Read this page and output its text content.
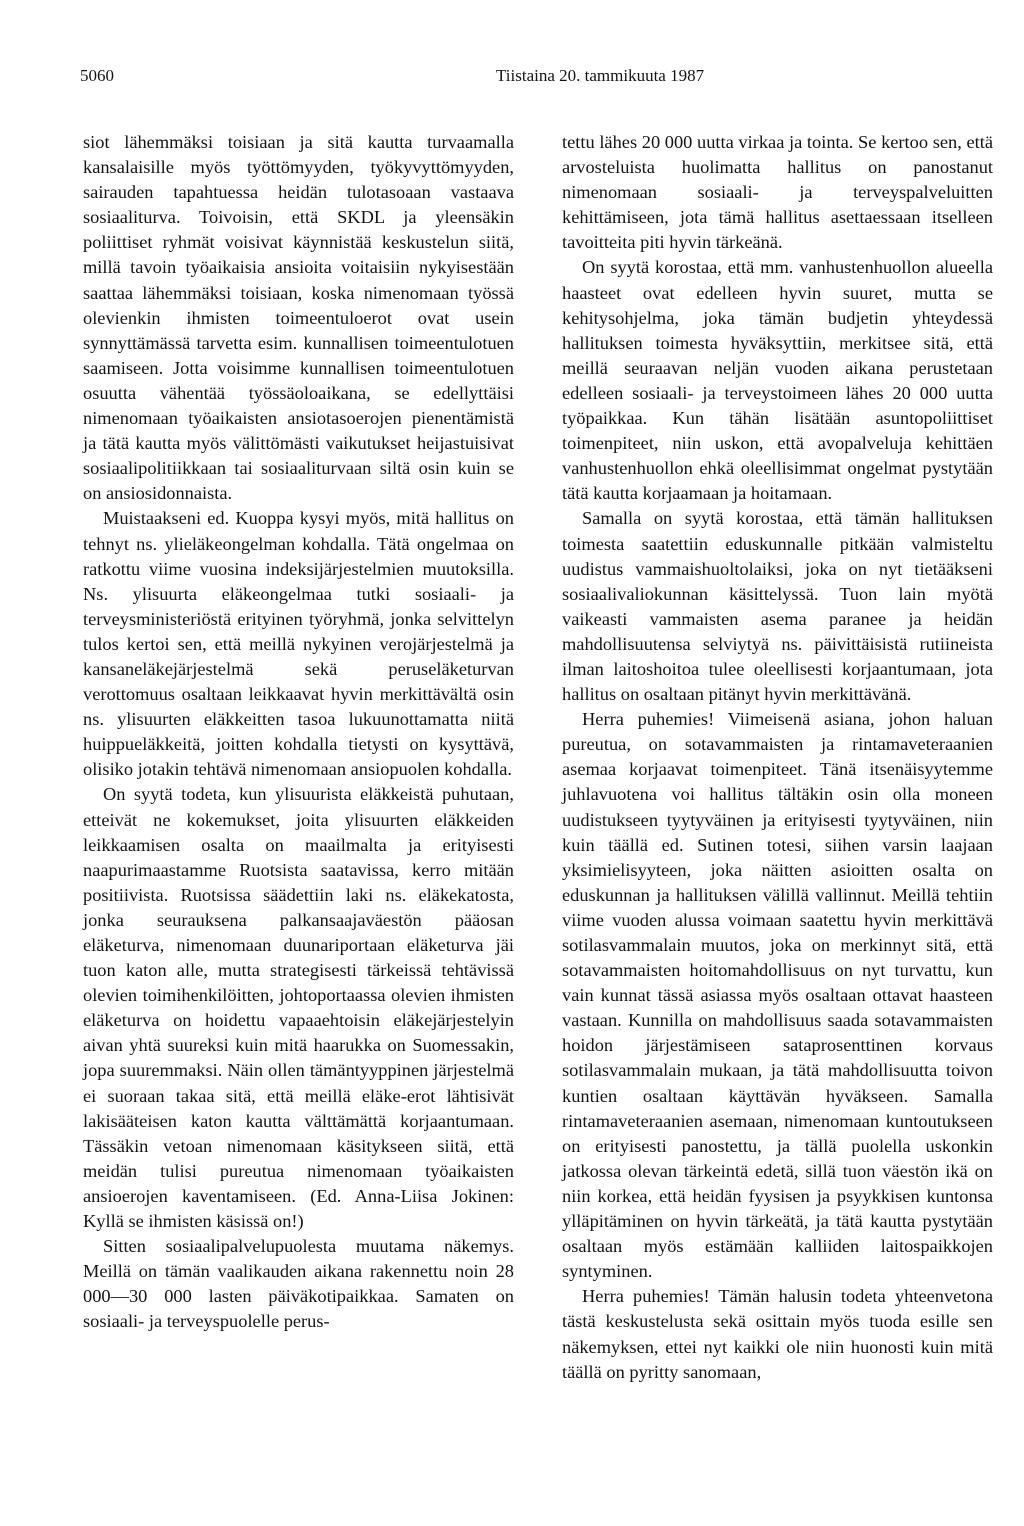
5060	Tiistaina 20. tammikuuta 1987

siot lähemmäksi toisiaan ja sitä kautta turvaamalla kansalaisille myös työttömyyden, työkyvyttömyyden, sairauden tapahtuessa heidän tulotasoaan vastaava sosiaaliturva. Toivoisin, että SKDL ja yleensäkin poliittiset ryhmät voisivat käynnistää keskustelun siitä, millä tavoin työaikaisia ansioita voitaisiin nykyisestään saattaa lähemmäksi toisiaan, koska nimenomaan työssä olevienkin ihmisten toimeentuloerot ovat usein synnyttämässä tarvetta esim. kunnallisen toimeentulotuen saamiseen. Jotta voisimme kunnallisen toimeentulotuen osuutta vähentää työssäoloaikana, se edellyttäisi nimenomaan työaikaisten ansiotasoerojen pienentämistä ja tätä kautta myös välittömästi vaikutukset heijastuisivat sosiaalipolitiikkaan tai sosiaaliturvaan siltä osin kuin se on ansiosidonnaista.

Muistaakseni ed. Kuoppa kysyi myös, mitä hallitus on tehnyt ns. ylieläkeongelman kohdalla. Tätä ongelmaa on ratkottu viime vuosina indeksijärjestelmien muutoksilla. Ns. ylisuurta eläkeongelmaa tutki sosiaali- ja terveysministeriöstä erityinen työryhmä, jonka selvittelyn tulos kertoi sen, että meillä nykyinen verojärjestelmä ja kansaneläkejärjestelmä sekä peruseläketurvan verottomuus osaltaan leikkaavat hyvin merkittävältä osin ns. ylisuurten eläkkeitten tasoa lukuunottamatta niitä huippueläkkeitä, joitten kohdalla tietysti on kysyttävä, olisiko jotakin tehtävä nimenomaan ansiopuolen kohdalla.

On syytä todeta, kun ylisuurista eläkkeistä puhutaan, etteivät ne kokemukset, joita ylisuurten eläkkeiden leikkaamisen osalta on maailmalta ja erityisesti naapurimaastamme Ruotsista saatavissa, kerro mitään positiivista. Ruotsissa säädettiin laki ns. eläkekatosta, jonka seurauksena palkansaajaväestön pääosan eläketurva, nimenomaan duunariportaan eläketurva jäi tuon katon alle, mutta strategisesti tärkeissä tehtävissä olevien toimihenkilöitten, johtoportaassa olevien ihmisten eläketurva on hoidettu vapaaehtoisin eläkejärjestelyin aivan yhtä suureksi kuin mitä haarukka on Suomessakin, jopa suuremmaksi. Näin ollen tämäntyyppinen järjestelmä ei suoraan takaa sitä, että meillä eläke-erot lähtisivät lakisääteisen katon kautta välttämättä korjaantumaan. Tässäkin vetoan nimenomaan käsitykseen siitä, että meidän tulisi pureutua nimenomaan työaikaisten ansioerojen kaventamiseen. (Ed. Anna-Liisa Jokinen: Kyllä se ihmisten käsissä on!)

Sitten sosiaalipalvelupuolesta muutama näkemys. Meillä on tämän vaalikauden aikana rakennettu noin 28 000—30 000 lasten päiväkotipaikkaa. Samaten on sosiaali- ja terveyspuolelle perus-

tettu lähes 20 000 uutta virkaa ja tointa. Se kertoo sen, että arvosteluista huolimatta hallitus on panostanut nimenomaan sosiaali- ja terveyspalveluitten kehittämiseen, jota tämä hallitus asettaessaan itselleen tavoitteita piti hyvin tärkeänä.

On syytä korostaa, että mm. vanhustenhuollon alueella haasteet ovat edelleen hyvin suuret, mutta se kehitysohjelma, joka tämän budjetin yhteydessä hallituksen toimesta hyväksyttiin, merkitsee sitä, että meillä seuraavan neljän vuoden aikana perustetaan edelleen sosiaali- ja terveystoimeen lähes 20 000 uutta työpaikkaa. Kun tähän lisätään asuntopoliittiset toimenpiteet, niin uskon, että avopalveluja kehittäen vanhustenhuollon ehkä oleellisimmat ongelmat pystytään tätä kautta korjaamaan ja hoitamaan.

Samalla on syytä korostaa, että tämän hallituksen toimesta saatettiin eduskunnalle pitkään valmisteltu uudistus vammaishuoltolaiksi, joka on nyt tietääkseni sosiaalivaliokunnan käsittelyssä. Tuon lain myötä vaikeasti vammaisten asema paranee ja heidän mahdollisuutensa selviytyä ns. päivittäisistä rutiineista ilman laitoshoitoa tulee oleellisesti korjaantumaan, jota hallitus on osaltaan pitänyt hyvin merkittävänä.

Herra puhemies! Viimeisenä asiana, johon haluan pureutua, on sotavammaisten ja rintamaveteraanien asemaa korjaavat toimenpiteet. Tänä itsenäisyytemme juhlavuotena voi hallitus tältäkin osin olla moneen uudistukseen tyytyväinen ja erityisesti tyytyväinen, niin kuin täällä ed. Sutinen totesi, siihen varsin laajaan yksimielisyyteen, joka näitten asioitten osalta on eduskunnan ja hallituksen välillä vallinnut. Meillä tehtiin viime vuoden alussa voimaan saatettu hyvin merkittävä sotilasvammalain muutos, joka on merkinnyt sitä, että sotavammaisten hoitomahdollisuus on nyt turvattu, kun vain kunnat tässä asiassa myös osaltaan ottavat haasteen vastaan. Kunnilla on mahdollisuus saada sotavammaisten hoidon järjestämiseen sataprosenttinen korvaus sotilasvammalain mukaan, ja tätä mahdollisuutta toivon kuntien osaltaan käyttävän hyväkseen. Samalla rintamaveteraanien asemaan, nimenomaan kuntoutukseen on erityisesti panostettu, ja tällä puolella uskonkin jatkossa olevan tärkeintä edetä, sillä tuon väestön ikä on niin korkea, että heidän fyysisen ja psyykkisen kuntonsa ylläpitäminen on hyvin tärkeätä, ja tätä kautta pystytään osaltaan myös estämään kalliiden laitospaikkojen syntyminen.

Herra puhemies! Tämän halusin todeta yhteenvetona tästä keskustelusta sekä osittain myös tuoda esille sen näkemyksen, ettei nyt kaikki ole niin huonosti kuin mitä täällä on pyritty sanomaan,
